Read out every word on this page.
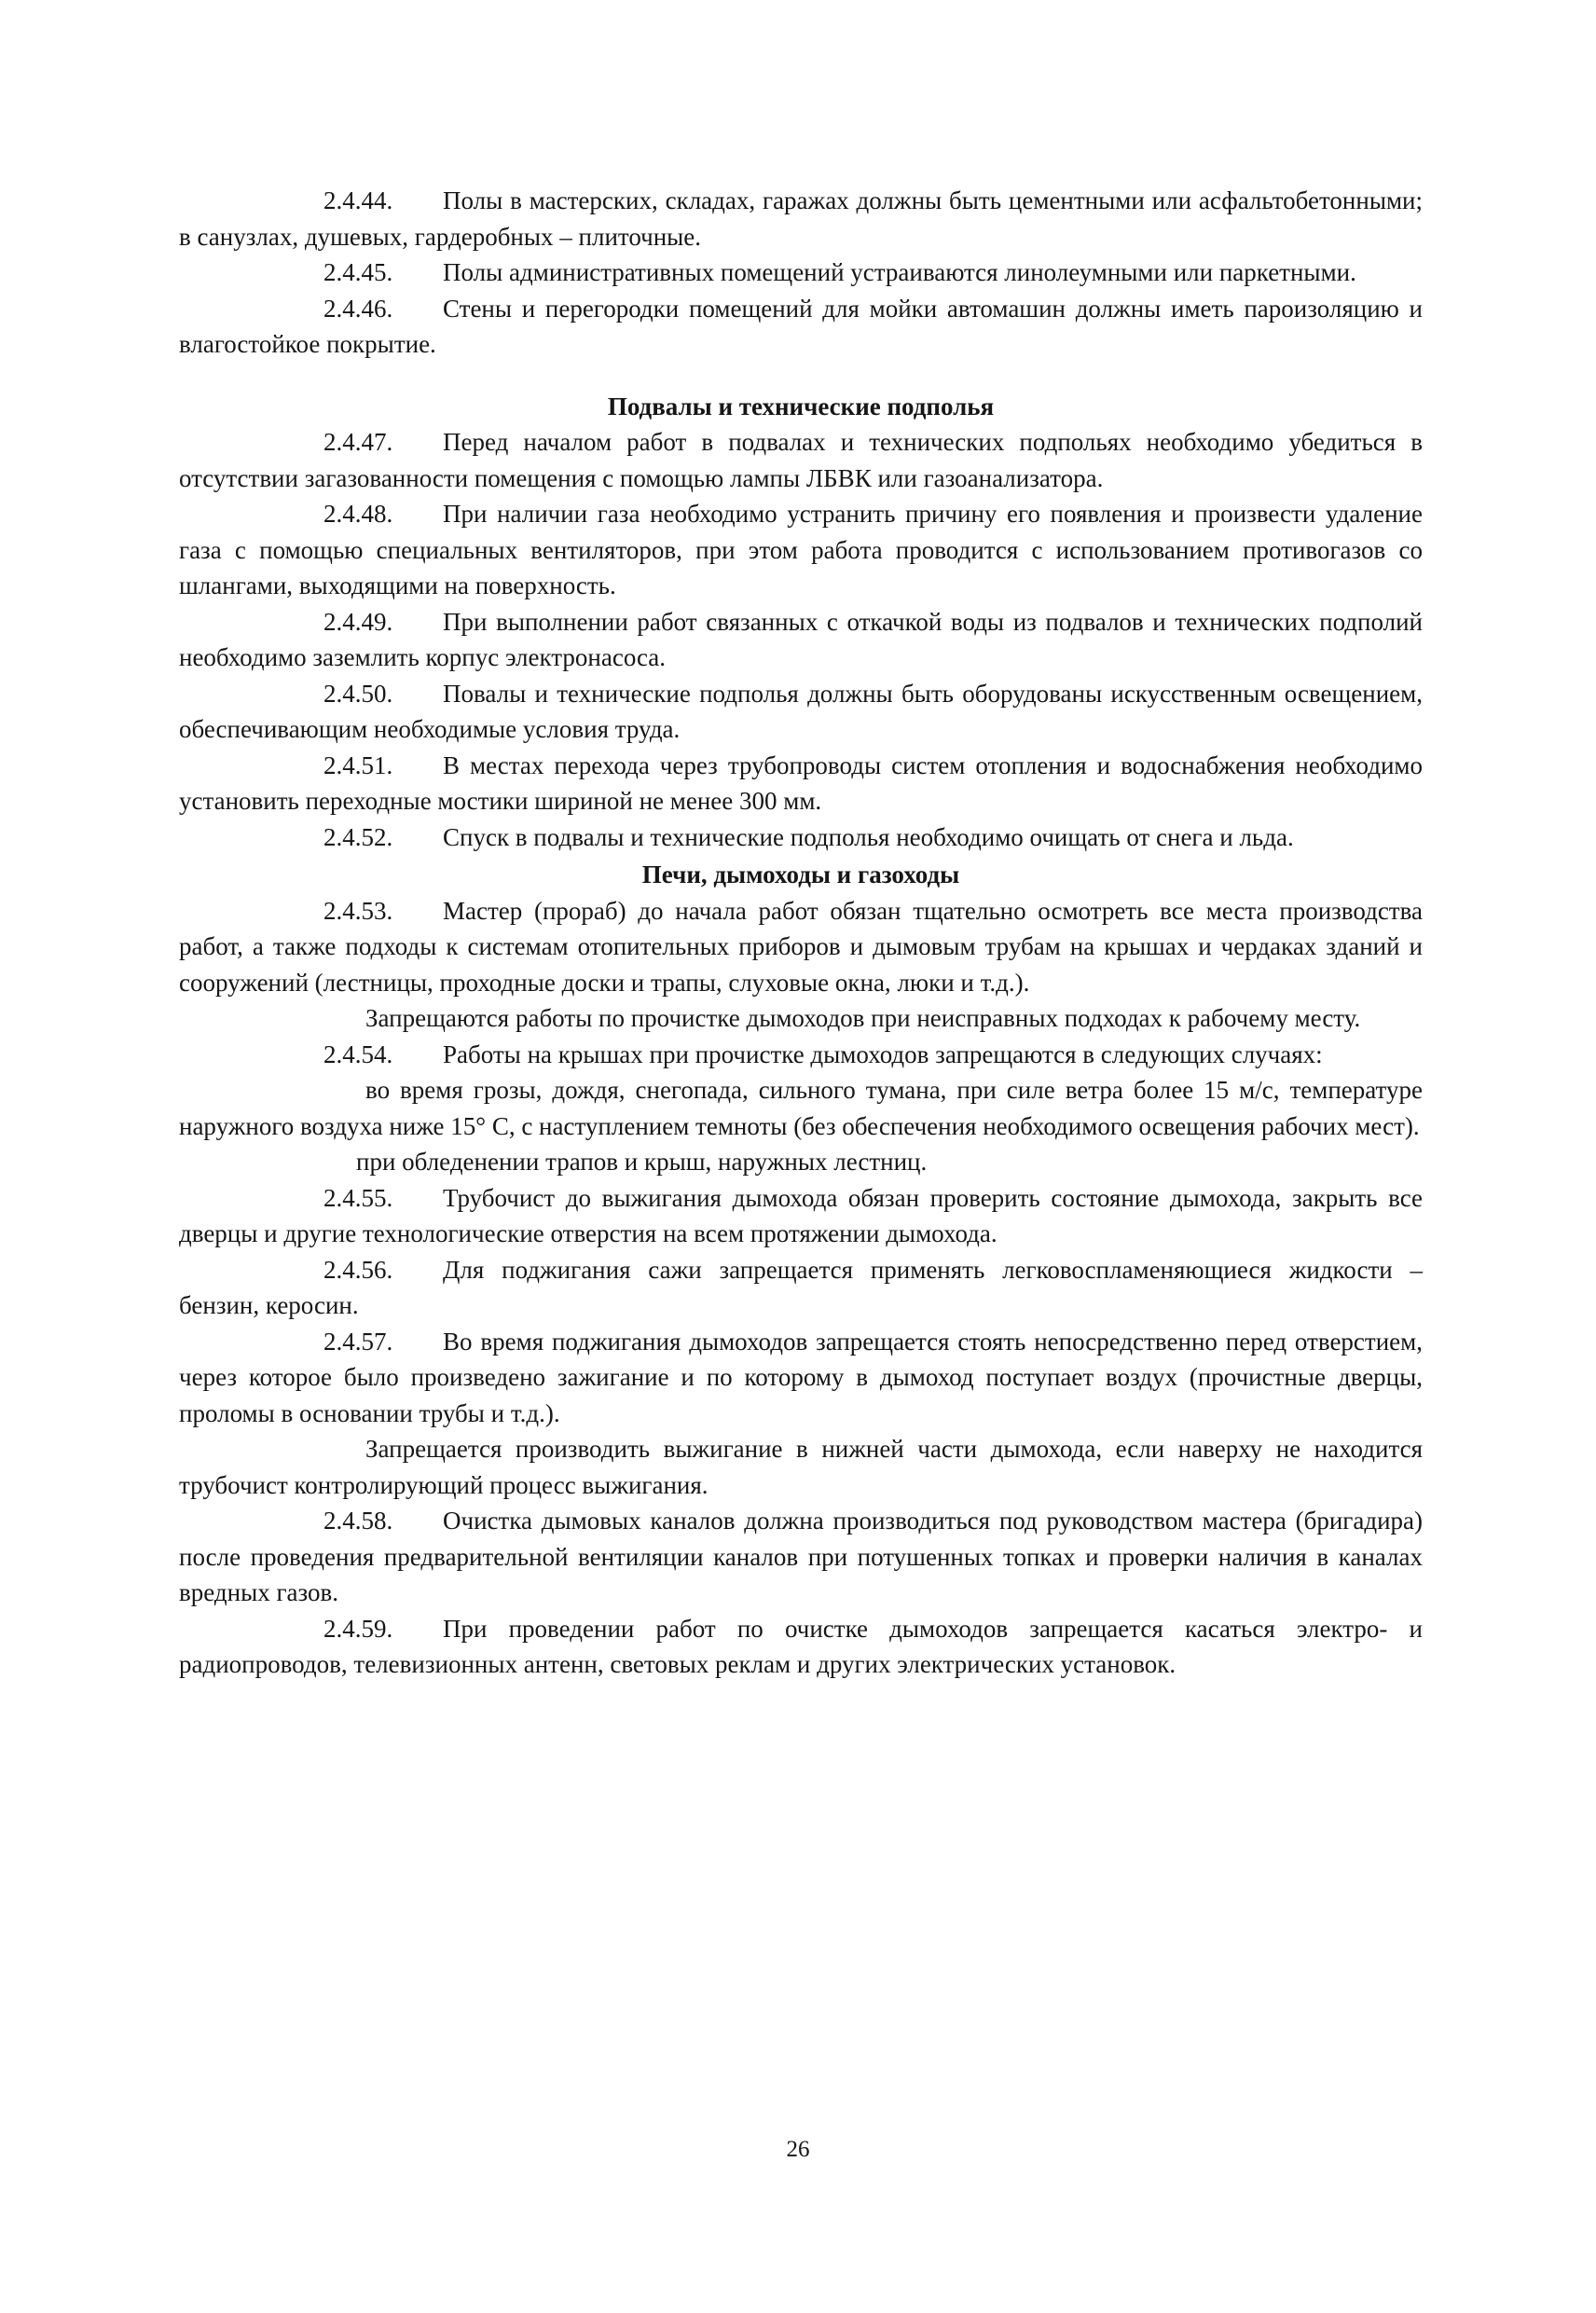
2.4.44. Полы в мастерских, складах, гаражах должны быть цементными или асфальтобетонными; в санузлах, душевых, гардеробных – плиточные.

2.4.45. Полы административных помещений устраиваются линолеумными или паркетными.

2.4.46. Стены и перегородки помещений для мойки автомашин должны иметь пароизоляцию и влагостойкое покрытие.

Подвалы и технические подполья

2.4.47. Перед началом работ в подвалах и технических подпольях необходимо убедиться в отсутствии загазованности помещения с помощью лампы ЛБВК или газоанализатора.

2.4.48. При наличии газа необходимо устранить причину его появления и произвести удаление газа с помощью специальных вентиляторов, при этом работа проводится с использованием противогазов со шлангами, выходящими на поверхность.

2.4.49. При выполнении работ связанных с откачкой воды из подвалов и технических подполий необходимо заземлить корпус электронасоса.

2.4.50. Повалы и технические подполья должны быть оборудованы искусственным освещением, обеспечивающим необходимые условия труда.

2.4.51. В местах перехода через трубопроводы систем отопления и водоснабжения необходимо установить переходные мостики шириной не менее 300 мм.

2.4.52. Спуск в подвалы и технические подполья необходимо очищать от снега и льда.

Печи, дымоходы и газоходы

2.4.53. Мастер (прораб) до начала работ обязан тщательно осмотреть все места производства работ, а также подходы к системам отопительных приборов и дымовым трубам на крышах и чердаках зданий и сооружений (лестницы, проходные доски и трапы, слуховые окна, люки и т.д.).

Запрещаются работы по прочистке дымоходов при неисправных подходах к рабочему месту.

2.4.54. Работы на крышах при прочистке дымоходов запрещаются в следующих случаях:

во время грозы, дождя, снегопада, сильного тумана, при силе ветра более 15 м/с, температуре наружного воздуха ниже 15° С, с наступлением темноты (без обеспечения необходимого освещения рабочих мест).

при обледенении трапов и крыш, наружных лестниц.

2.4.55. Трубочист до выжигания дымохода обязан проверить состояние дымохода, закрыть все дверцы и другие технологические отверстия на всем протяжении дымохода.

2.4.56. Для поджигания сажи запрещается применять легковоспламеняющиеся жидкости – бензин, керосин.

2.4.57. Во время поджигания дымоходов запрещается стоять непосредственно перед отверстием, через которое было произведено зажигание и по которому в дымоход поступает воздух (прочистные дверцы, проломы в основании трубы и т.д.).

Запрещается производить выжигание в нижней части дымохода, если наверху не находится трубочист контролирующий процесс выжигания.

2.4.58. Очистка дымовых каналов должна производиться под руководством мастера (бригадира) после проведения предварительной вентиляции каналов при потушенных топках и проверки наличия в каналах вредных газов.

2.4.59. При проведении работ по очистке дымоходов запрещается касаться электро- и радиопроводов, телевизионных антенн, световых реклам и других электрических установок.

26
